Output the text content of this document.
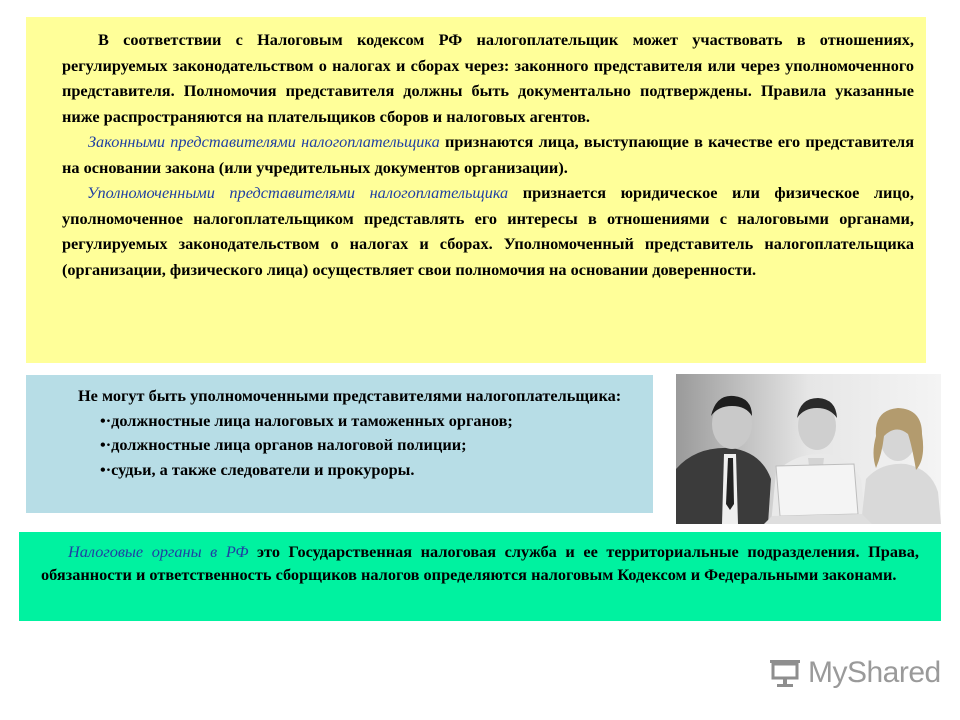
В соответствии с Налоговым кодексом РФ налогоплательщик может участвовать в отношениях, регулируемых законодательством о налогах и сборах через: законного представителя или через уполномоченного представителя. Полномочия представителя должны быть документально подтверждены. Правила указанные ниже распространяются на плательщиков сборов и налоговых агентов.

Законными представителями налогоплательщика признаются лица, выступающие в качестве его представителя на основании закона (или учредительных документов организации).

Уполномоченными представителями налогоплательщика признается юридическое или физическое лицо, уполномоченное налогоплательщиком представлять его интересы в отношениями с налоговыми органами, регулируемых законодательством о налогах и сборах. Уполномоченный представитель налогоплательщика (организации, физического лица) осуществляет свои полномочия на основании доверенности.

Не могут быть уполномоченными представителями налогоплательщика:

•·должностные лица налоговых и таможенных органов;

•·должностные лица органов налоговой полиции;

•·судьи, а также следователи и прокуроры.

Налоговые органы в РФ это Государственная налоговая служба и ее территориальные подразделения. Права, обязанности и ответственность сборщиков налогов определяются налоговым Кодексом и Федеральными законами.

MyShared
